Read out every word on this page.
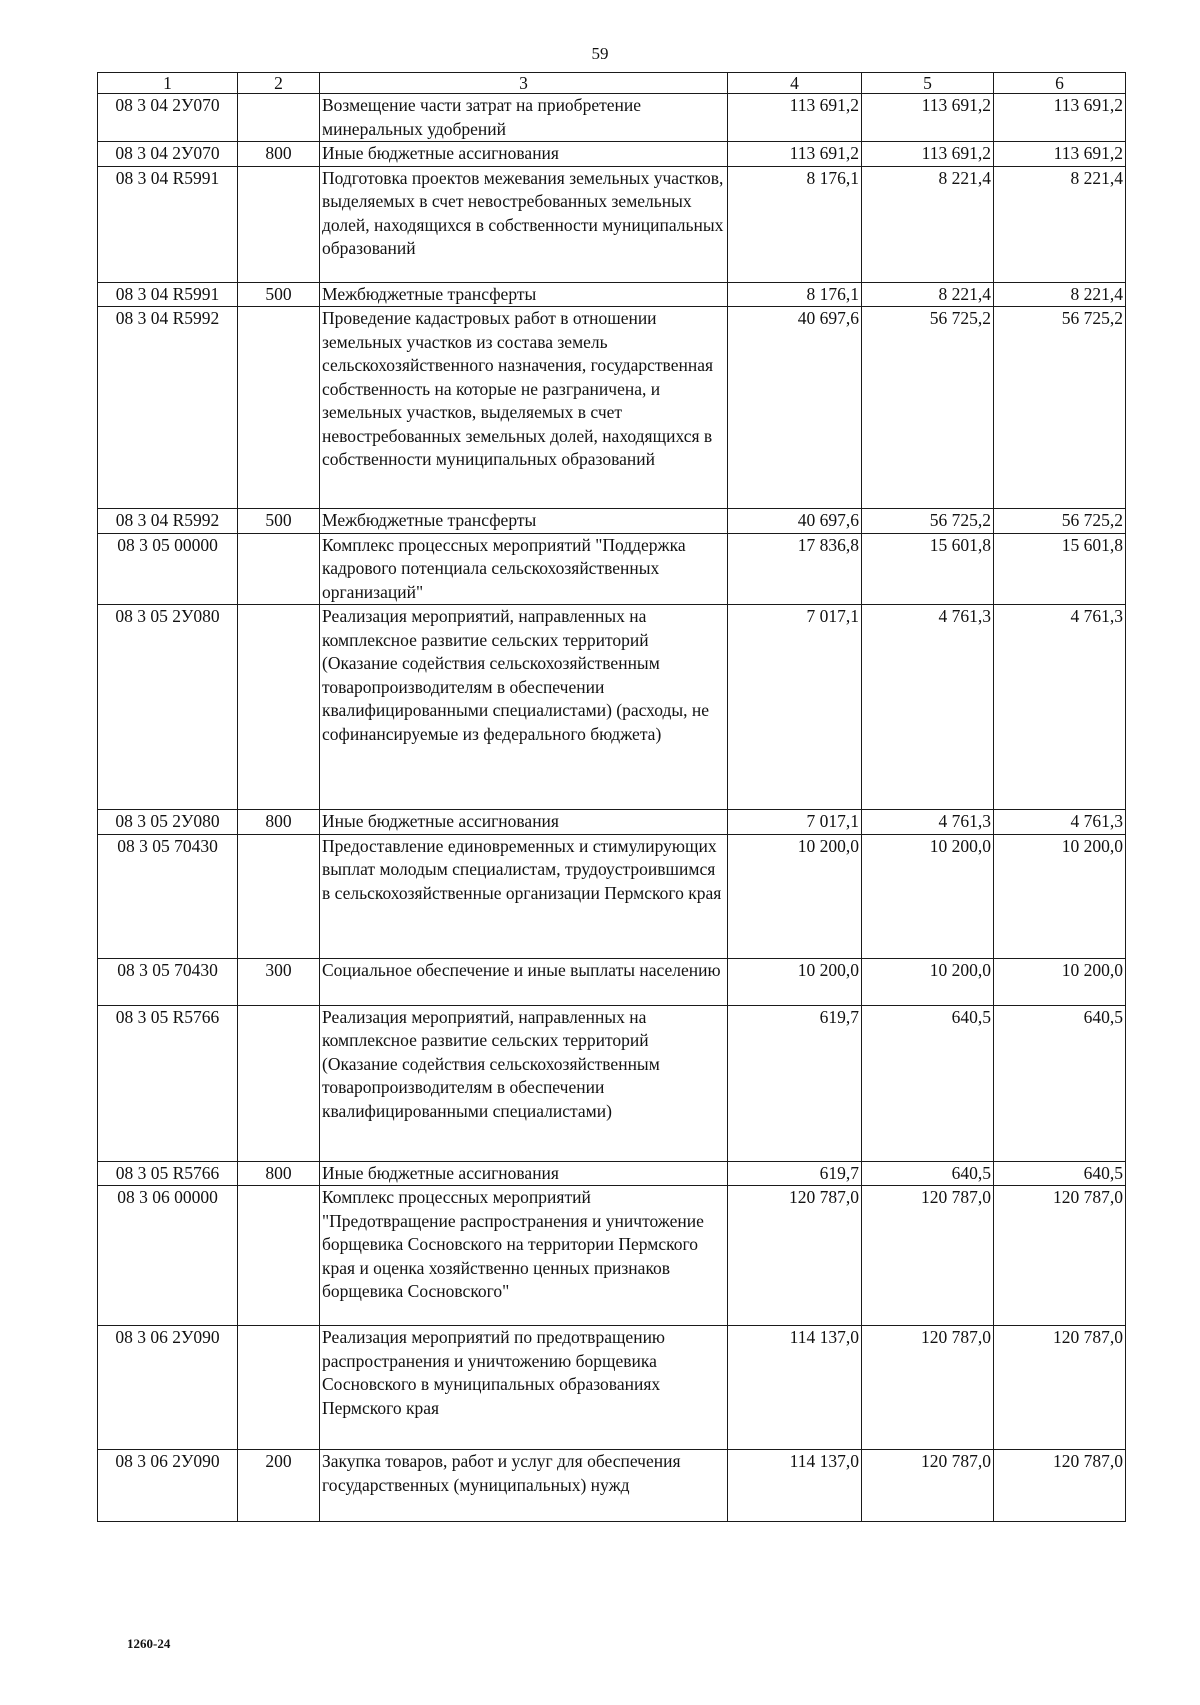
59
1	2	3	4	5	6
08 3 04 2У070		Возмещение части затрат на приобретение минеральных удобрений	113 691,2	113 691,2	113 691,2
08 3 04 2У070	800	Иные бюджетные ассигнования	113 691,2	113 691,2	113 691,2
08 3 04 R5991		Подготовка проектов межевания земельных участков, выделяемых в счет невостребованных земельных долей, находящихся в собственности муниципальных образований	8 176,1	8 221,4	8 221,4
08 3 04 R5991	500	Межбюджетные трансферты	8 176,1	8 221,4	8 221,4
08 3 04 R5992		Проведение кадастровых работ в отношении земельных участков из состава земель сельскохозяйственного назначения, государственная собственность на которые не разграничена, и земельных участков, выделяемых в счет невостребованных земельных долей, находящихся в собственности муниципальных образований	40 697,6	56 725,2	56 725,2
08 3 04 R5992	500	Межбюджетные трансферты	40 697,6	56 725,2	56 725,2
08 3 05 00000		Комплекс процессных мероприятий "Поддержка кадрового потенциала сельскохозяйственных организаций"	17 836,8	15 601,8	15 601,8
08 3 05 2У080		Реализация мероприятий, направленных на комплексное развитие сельских территорий (Оказание содействия сельскохозяйственным товаропроизводителям в обеспечении квалифицированными специалистами) (расходы, не софинансируемые из федерального бюджета)	7 017,1	4 761,3	4 761,3
08 3 05 2У080	800	Иные бюджетные ассигнования	7 017,1	4 761,3	4 761,3
08 3 05 70430		Предоставление единовременных и стимулирующих выплат молодым специалистам, трудоустроившимся в сельскохозяйственные организации Пермского края	10 200,0	10 200,0	10 200,0
08 3 05 70430	300	Социальное обеспечение и иные выплаты населению	10 200,0	10 200,0	10 200,0
08 3 05 R5766		Реализация мероприятий, направленных на комплексное развитие сельских территорий (Оказание содействия сельскохозяйственным товаропроизводителям в обеспечении квалифицированными специалистами)	619,7	640,5	640,5
08 3 05 R5766	800	Иные бюджетные ассигнования	619,7	640,5	640,5
08 3 06 00000		Комплекс процессных мероприятий "Предотвращение распространения и уничтожение борщевика Сосновского на территории Пермского края и оценка хозяйственно ценных признаков борщевика Сосновского"	120 787,0	120 787,0	120 787,0
08 3 06 2У090		Реализация мероприятий по предотвращению распространения и уничтожению борщевика Сосновского в муниципальных образованиях Пермского края	114 137,0	120 787,0	120 787,0
08 3 06 2У090	200	Закупка товаров, работ и услуг для обеспечения государственных (муниципальных) нужд	114 137,0	120 787,0	120 787,0
1260-24
